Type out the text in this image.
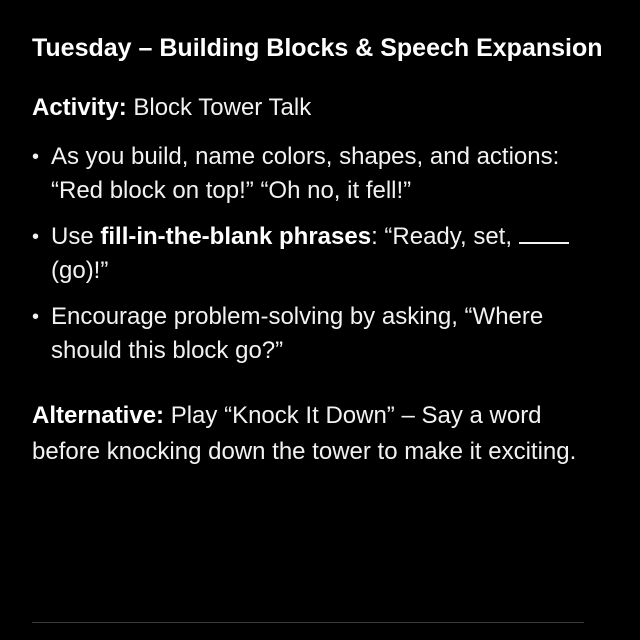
Tuesday – Building Blocks & Speech Expansion
Activity: Block Tower Talk
• As you build, name colors, shapes, and actions: “Red block on top!” “Oh no, it fell!”
• Use fill-in-the-blank phrases: “Ready, set,  (go)!”
• Encourage problem-solving by asking, “Where should this block go?”
Alternative: Play “Knock It Down” – Say a word before knocking down the tower to make it exciting.
